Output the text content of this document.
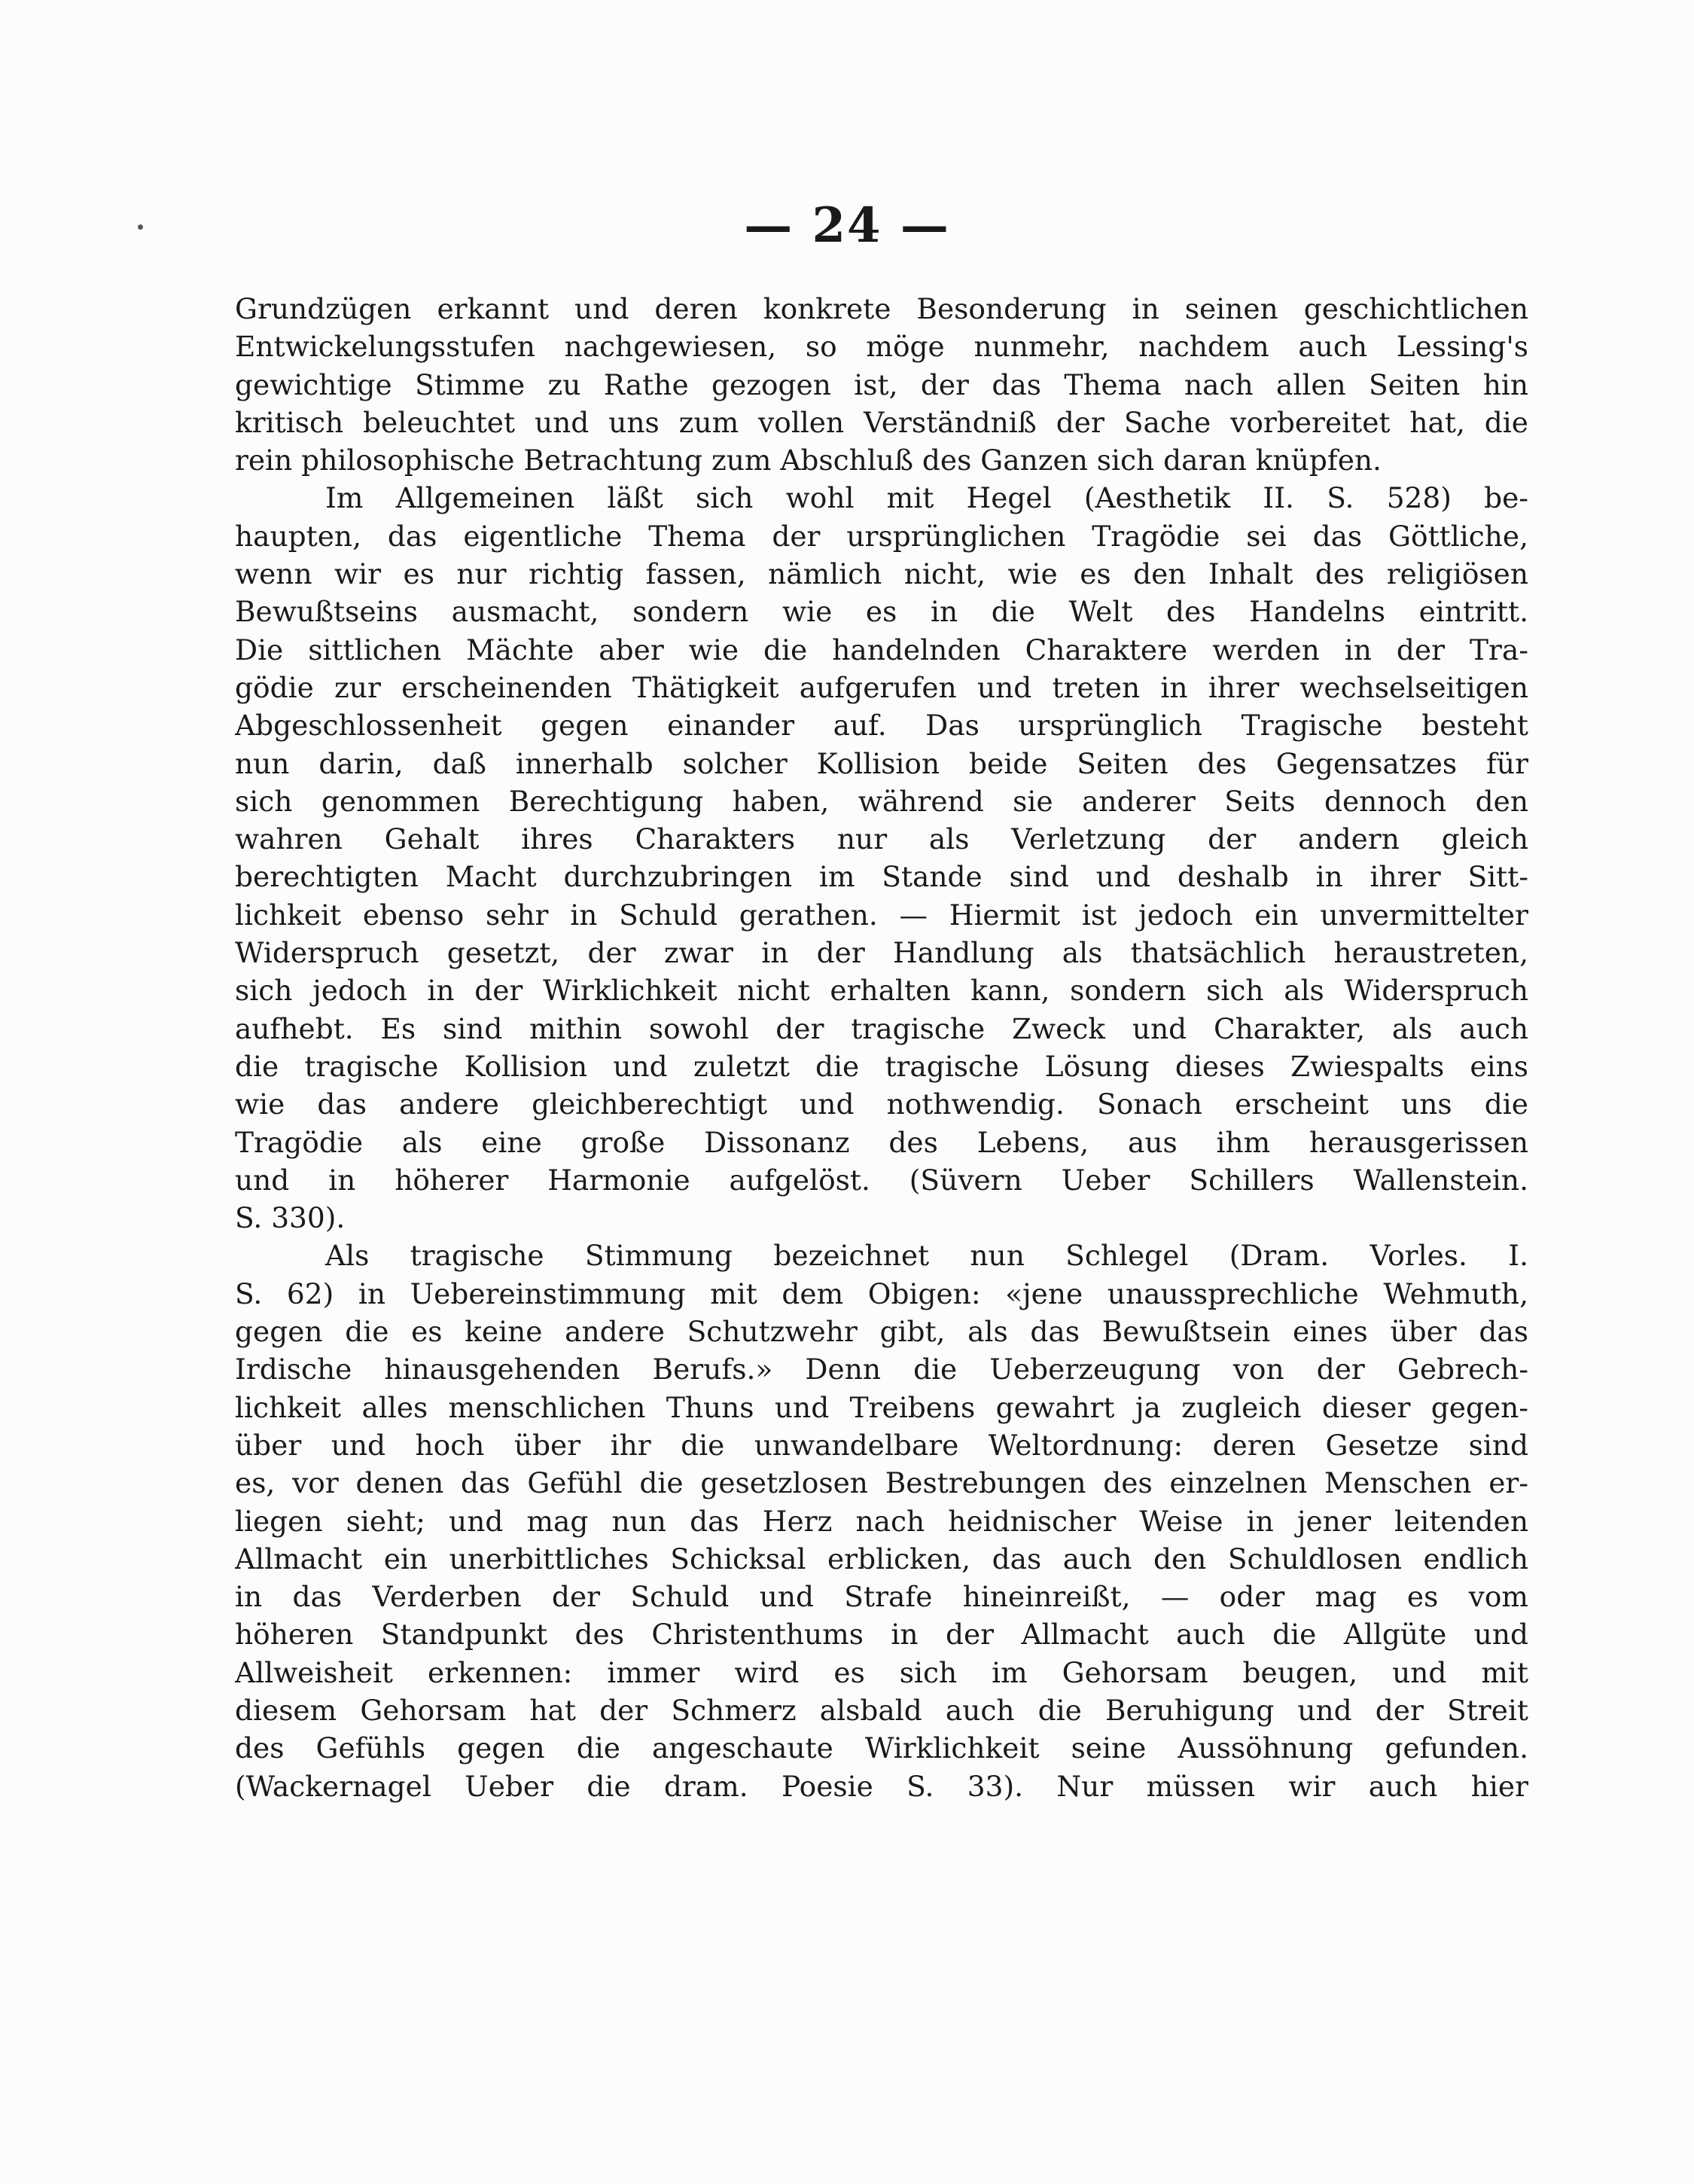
— 24 —
Grundzügen erkannt und deren konkrete Besonderung in seinen geschichtlichen
Entwickelungsstufen nachgewiesen, so möge nunmehr, nachdem auch Lessing's
gewichtige Stimme zu Rathe gezogen ist, der das Thema nach allen Seiten hin
kritisch beleuchtet und uns zum vollen Verständniß der Sache vorbereitet hat, die
rein philosophische Betrachtung zum Abschluß des Ganzen sich daran knüpfen.
Im Allgemeinen läßt sich wohl mit Hegel (Aesthetik II. S. 528) be-
haupten, das eigentliche Thema der ursprünglichen Tragödie sei das Göttliche,
wenn wir es nur richtig fassen, nämlich nicht, wie es den Inhalt des religiösen
Bewußtseins ausmacht, sondern wie es in die Welt des Handelns eintritt.
Die sittlichen Mächte aber wie die handelnden Charaktere werden in der Tra-
gödie zur erscheinenden Thätigkeit aufgerufen und treten in ihrer wechselseitigen
Abgeschlossenheit gegen einander auf. Das ursprünglich Tragische besteht
nun darin, daß innerhalb solcher Kollision beide Seiten des Gegensatzes für
sich genommen Berechtigung haben, während sie anderer Seits dennoch den
wahren Gehalt ihres Charakters nur als Verletzung der andern gleich
berechtigten Macht durchzubringen im Stande sind und deshalb in ihrer Sitt-
lichkeit ebenso sehr in Schuld gerathen. — Hiermit ist jedoch ein unvermittelter
Widerspruch gesetzt, der zwar in der Handlung als thatsächlich heraustreten,
sich jedoch in der Wirklichkeit nicht erhalten kann, sondern sich als Widerspruch
aufhebt. Es sind mithin sowohl der tragische Zweck und Charakter, als auch
die tragische Kollision und zuletzt die tragische Lösung dieses Zwiespalts eins
wie das andere gleichberechtigt und nothwendig. Sonach erscheint uns die
Tragödie als eine große Dissonanz des Lebens, aus ihm herausgerissen
und in höherer Harmonie aufgelöst. (Süvern Ueber Schillers Wallenstein.
S. 330).
Als tragische Stimmung bezeichnet nun Schlegel (Dram. Vorles. I.
S. 62) in Uebereinstimmung mit dem Obigen: «jene unaussprechliche Wehmuth,
gegen die es keine andere Schutzwehr gibt, als das Bewußtsein eines über das
Irdische hinausgehenden Berufs.» Denn die Ueberzeugung von der Gebrech-
lichkeit alles menschlichen Thuns und Treibens gewahrt ja zugleich dieser gegen-
über und hoch über ihr die unwandelbare Weltordnung: deren Gesetze sind
es, vor denen das Gefühl die gesetzlosen Bestrebungen des einzelnen Menschen er-
liegen sieht; und mag nun das Herz nach heidnischer Weise in jener leitenden
Allmacht ein unerbittliches Schicksal erblicken, das auch den Schuldlosen endlich
in das Verderben der Schuld und Strafe hineinreißt, — oder mag es vom
höheren Standpunkt des Christenthums in der Allmacht auch die Allgüte und
Allweisheit erkennen: immer wird es sich im Gehorsam beugen, und mit
diesem Gehorsam hat der Schmerz alsbald auch die Beruhigung und der Streit
des Gefühls gegen die angeschaute Wirklichkeit seine Aussöhnung gefunden.
(Wackernagel Ueber die dram. Poesie S. 33). Nur müssen wir auch hier
